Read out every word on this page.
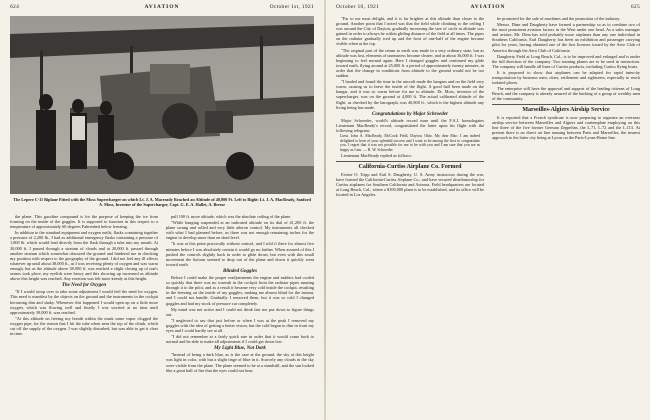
624	AVIATION	October 1st, 1921
The Lepere C-11 Biplane Fitted with the Moss Supercharger on which Lt. J. A. Macready Reached an Altitude of 40,800 Ft. Left to Right: Lt. J. A. MacReady, Sanford A. Moss, Inventor of the Supercharger, Capt. G. E. A. Hallet, A. Bresse

the plane. This gasoline compound is for the purpose of keeping the ice from forming on the inside of the goggles. It is supposed to function in this respect to a temperature of approximately 60 degrees Fahrenheit below freezing.

In addition to the standard equipment and oxygen outfit, flasks containing together a pressure of 2,200 lb., I had as additional emergency flasks containing a pressure of 1,800 lb. which would lead directly from the flask through a tube into my mouth. At 30,000 ft. I passed through a stratum of clouds and at 20,000 ft. passed through another stratum which somewhat obscured the ground and hindered me in checking my position with respect to the geography of the ground. I did not feel any ill effects whatever up until about 38,000 ft., as I was receiving plenty of oxygen and was warm enough, but as the altitude above 38,000 ft. was reached a slight closing up of one's senses took place, my eyelids were heavy and this showing up increased as altitude above this height was reached. Any exertion was felt more keenly at this height.

The Need for Oxygen

"If I would stoop over to take some adjustment I would feel the need for oxygen. This need is manifest by the objects on the ground and the instruments in the cockpit becoming dim and shaky. Whenever this happened I would open up on a little more oxygen, which was flowing well and finally I was worried at no time until approximately 39,000 ft. was reached.

"At this altitude on freeing my breath within the mask some vapor clogged the oxygen pipe, for the reason that I bit the tube when near the top of the climb, which cut off the supply of the oxygen. I was slightly disturbed, but was able to get it clear in time.

pull 100 ft. more altitude, which was the absolute ceiling of the plane.

"While banging suspended at an indicated altitude on its dial of 41,200 ft. the plane swung and rolled and very little aileron control. My instruments all checked with what I had planned before, as there was not enough remaining inches for the engine to develop more than on dead level.

"It was at this point practically without control, and I told if there for almost five minutes before I was absolutely certain it would go no farther. When assured of this I pushed the controls slightly back in order to glide down, but even with this small movement the bottom seemed to drop out of the plane and down it quickly went toward earth.

Blinded Goggles

Before I could make the proper readjustments the engine and rudders had cooled so quickly that there was no warmth in the cockpit from the radiator pipes running through it to the pilot, and as a result it became very cold inside the cockpit, resulting in the freezing on the inside of my goggles, making me almost blind for the instant, and I could not handle. Gradually I removed them, but it was so cold I changed goggles and had my stock of pressure cut completely.

My mind was not active and I could not think fast nor put down to figure things out.

"I neglected to say that just before or when I was at the peak I removed my goggles with the idea of getting a better vision, but the cold began to dim in front my eyes and I could hardly see at all.

"I did not remember at a fairly quick rate in order that it would come back to normal and be able to make all adjustments if I could get down low.

My Light Blue, Not Dark

"Instead of being a dark blue, as is the case at the ground, the sky at this height was light in color, with but a slight tinge of blue in it. Scarcely any clouds in the sky were visible from the plane. The plane seemed to be at a standstill, and the sun looked like a great ball of fire that the eyes could not bear.

October 10, 1921	AVIATION	625

"Far to me most delight, and it is far brighter at this altitude than closer to the ground. Another point that I noted was that the field while climbing to the ceiling I was around the City of Dayton, gradually increasing the size of circle at altitude was gained in order to always be within gliding distance of the field at all times. The pipes on the radiator gradually iced up and the frost of one-half of the engine became visible when at the top.

"The original part of the return to earth was made in a very ordinary state, but as altitude was lost, elements of uneasiness became clearer, and at about 36,000 ft. I was beginning to feel normal again. Here I changed goggles and continued my glide toward earth, flying around at 25,000 ft. a period of approximately twenty minutes, in order that the change in conditions from altitude to the ground would not be too sudden.

"I landed and found the time in the aircraft made the hangars and on the field very warm, causing us to leave the inside of the flight. A good hall been made on the hangar, and it was so warm before for me to altitude. Dr. Moss, inventor of the supercharger, was on the ground at 4,000 ft. The actual calibrated altitude of the flight, as checked by the barograph, was 40,800 ft., which is the highest altitude any living being has made.

Congratulations by Major Schroeder

Major Schroeder, world's altitude record man until the F.A.I. homologates Lieutenant MacReady's record, congratulated the latter upon his flight with the following telegram:

Lieut. John A. MacReady, McCook Field, Dayton, Ohio. My dear Mac: I am indeed delighted to hear of your splendid success and I want to be among the first to congratulate you. I regret that it was not possible for me to be with you and I am sure that you are as happy as I am. — R. W. Schroeder

Lieutenant MacReady replied as follows:

California-Curtiss Airplane Co. Formed

Ervine O. Tripp and Earl S. Daugherty, U. S. Army instructors during the war, have formed the California-Curtiss Airplane Co., and have secured distributorship for Curtiss airplanes for Southern California and Arizona. Field headquarters are located at Long Beach, Cal., where a $100,000 plant is to be established, and its office will be located in Los Angeles.

be promoted for the sale of machines and the promotion of the industry.

Messrs. Dinn and Daugherty have formed a partnership so as to combine two of the most prominent aviation factors in the West under one head. As a sales manager and aviator, Mr. Dinn has sold probably more airplanes than any one individual in Southern California. Earl Daugherty has been an exhibition and passenger carrying pilot for years, having obtained one of the first licenses issued by the Aero Club of America through the Aero Club of California.

Daugherty Field at Long Beach, Cal., is to be improved and enlarged and is under the full direction of the company. Two training planes are to be used in instruction. The company will handle all lines of Curtiss products, including Curtiss flying boats.

It is proposed to show that airplanes can be adapted for rapid intercity transportation by business men, cities, settlement and sightseers, especially to reach isolated places.

The enterprise will have the approval and support of the leading citizens of Long Beach, and the company is already assured of the backing of a group of wealthy men of the community.

Marseilles-Algiers Airship Service

It is reported that a French syndicate is now preparing to organize an overseas airship service between Marseilles and Algiers and contemplate employing on this line three of the five former German Zeppelins, the L.71, L.72 and the L.113. At present there is no direct air line running between Paris and Marseilles, the nearest approach to the latter city being at Lyons on the Paris-Lyons-Rome line.
